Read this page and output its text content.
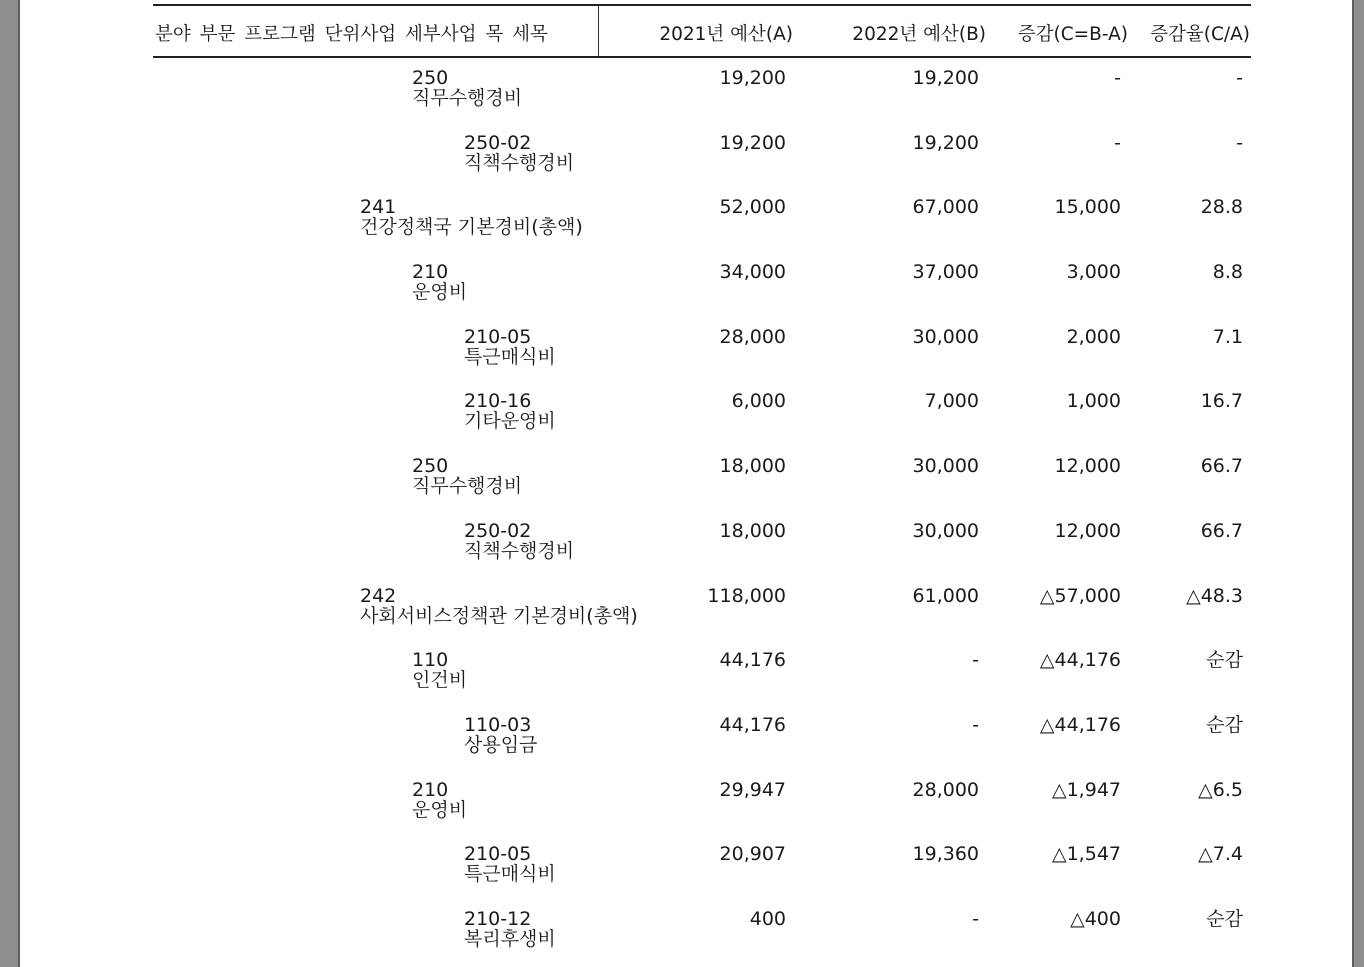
분야 부문 프로그램 단위사업 세부사업 목 세목	2021년 예산(A)	2022년 예산(B) 증감(C=B-A) 증감율(C/A)
250
직무수행경비
19,200	19,200	-	-
250-02
직책수행경비
19,200	19,200	-	-
241
건강정책국 기본경비(총액)
52,000	67,000	15,000	28.8
210
운영비
34,000	37,000	3,000	8.8
210-05
특근매식비
28,000	30,000	2,000	7.1
210-16
기타운영비
6,000	7,000	1,000	16.7
250
직무수행경비
18,000	30,000	12,000	66.7
250-02
직책수행경비
18,000	30,000	12,000	66.7
242
사회서비스정책관 기본경비(총액)
118,000	61,000	△57,000	△48.3
110
인건비
44,176	-	△44,176	순감
110-03
상용임금
44,176	-	△44,176	순감
210
운영비
29,947	28,000	△1,947	△6.5
210-05
특근매식비
20,907	19,360	△1,547	△7.4
210-12
복리후생비
400	-	△400	순감
